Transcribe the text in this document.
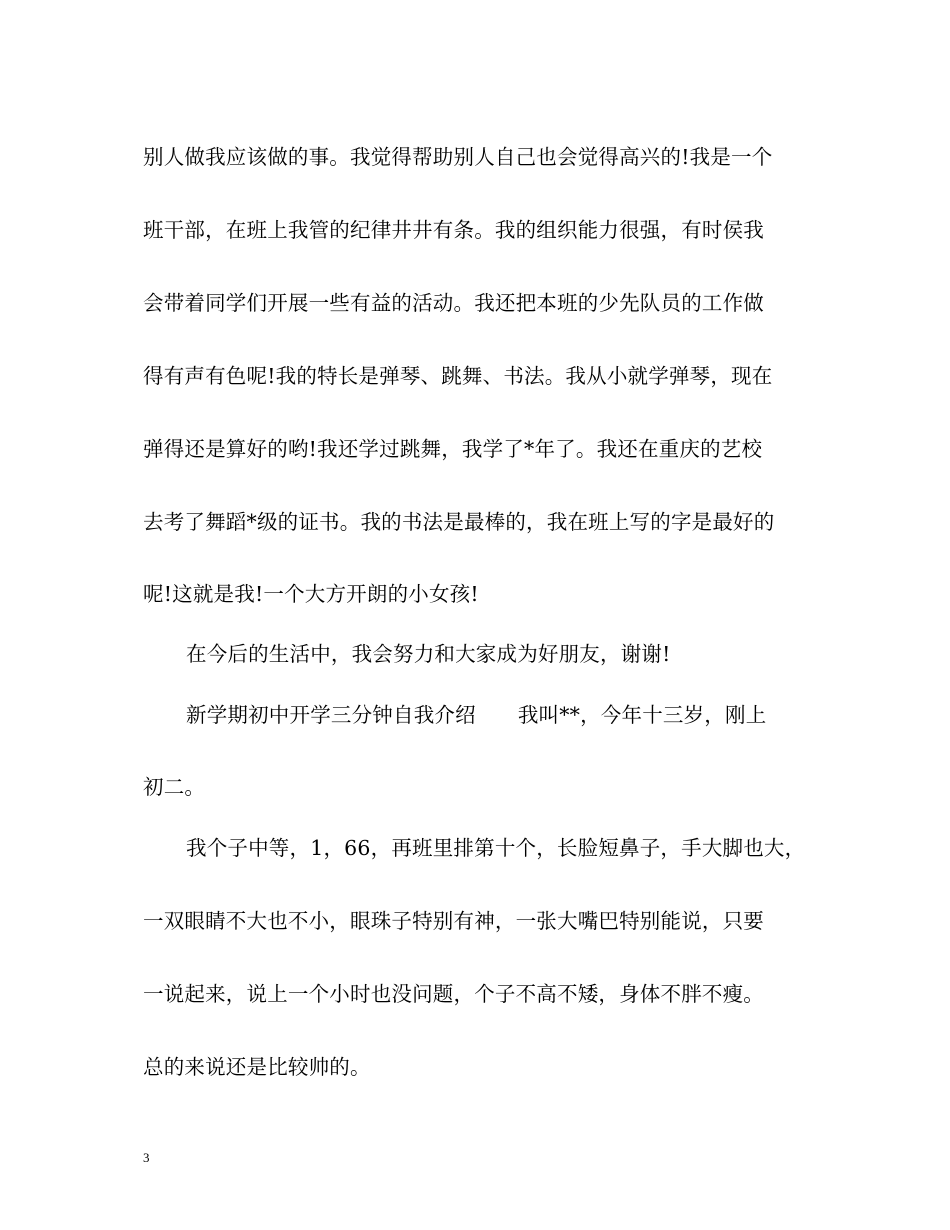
别人做我应该做的事。我觉得帮助别人自己也会觉得高兴的!我是一个
班干部，在班上我管的纪律井井有条。我的组织能力很强，有时侯我
会带着同学们开展一些有益的活动。我还把本班的少先队员的工作做
得有声有色呢!我的特长是弹琴、跳舞、书法。我从小就学弹琴，现在
弹得还是算好的哟!我还学过跳舞，我学了*年了。我还在重庆的艺校
去考了舞蹈*级的证书。我的书法是最棒的，我在班上写的字是最好的
呢!这就是我!一个大方开朗的小女孩!
在今后的生活中，我会努力和大家成为好朋友，谢谢!
新学期初中开学三分钟自我介绍 我叫**，今年十三岁，刚上
初二。
我个子中等，1，66，再班里排第十个，长脸短鼻子，手大脚也大，
一双眼睛不大也不小，眼珠子特别有神，一张大嘴巴特别能说，只要
一说起来，说上一个小时也没问题，个子不高不矮，身体不胖不瘦。
总的来说还是比较帅的。
3
